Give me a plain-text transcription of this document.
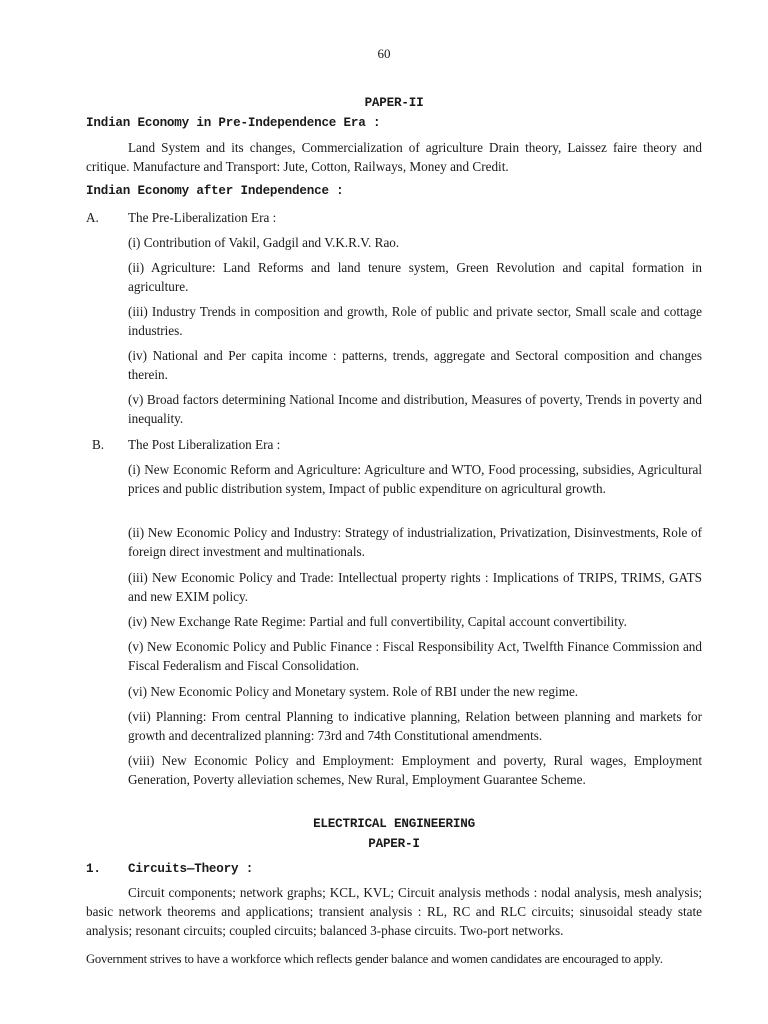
60
PAPER-II
Indian Economy in Pre-Independence Era :
Land System and its changes, Commercialization of agriculture Drain theory, Laissez faire theory and critique. Manufacture and Transport: Jute, Cotton, Railways, Money and Credit.
Indian Economy after Independence :
A. The Pre-Liberalization Era :
(i) Contribution of Vakil, Gadgil and V.K.R.V. Rao.
(ii) Agriculture: Land Reforms and land tenure system, Green Revolution and capital formation in agriculture.
(iii) Industry Trends in composition and growth, Role of public and private sector, Small scale and cottage industries.
(iv) National and Per capita income : patterns, trends, aggregate and Sectoral composition and changes therein.
(v) Broad factors determining National Income and distribution, Measures of poverty, Trends in poverty and inequality.
B. The Post Liberalization Era :
(i) New Economic Reform and Agriculture: Agriculture and WTO, Food processing, subsidies, Agricultural prices and public distribution system, Impact of public expenditure on agricultural growth.
(ii) New Economic Policy and Industry: Strategy of industrialization, Privatization, Disinvestments, Role of foreign direct investment and multinationals.
(iii) New Economic Policy and Trade: Intellectual property rights : Implications of TRIPS, TRIMS, GATS and new EXIM policy.
(iv) New Exchange Rate Regime: Partial and full convertibility, Capital account convertibility.
(v) New Economic Policy and Public Finance : Fiscal Responsibility Act, Twelfth Finance Commission and Fiscal Federalism and Fiscal Consolidation.
(vi) New Economic Policy and Monetary system. Role of RBI under the new regime.
(vii) Planning: From central Planning to indicative planning, Relation between planning and markets for growth and decentralized planning: 73rd and 74th Constitutional amendments.
(viii) New Economic Policy and Employment: Employment and poverty, Rural wages, Employment Generation, Poverty alleviation schemes, New Rural, Employment Guarantee Scheme.
ELECTRICAL ENGINEERING
PAPER-I
1. Circuits—Theory :
Circuit components; network graphs; KCL, KVL; Circuit analysis methods : nodal analysis, mesh analysis; basic network theorems and applications; transient analysis : RL, RC and RLC circuits; sinusoidal steady state analysis; resonant circuits; coupled circuits; balanced 3-phase circuits. Two-port networks.
Government strives to have a workforce which reflects gender balance and women candidates are encouraged to apply.
